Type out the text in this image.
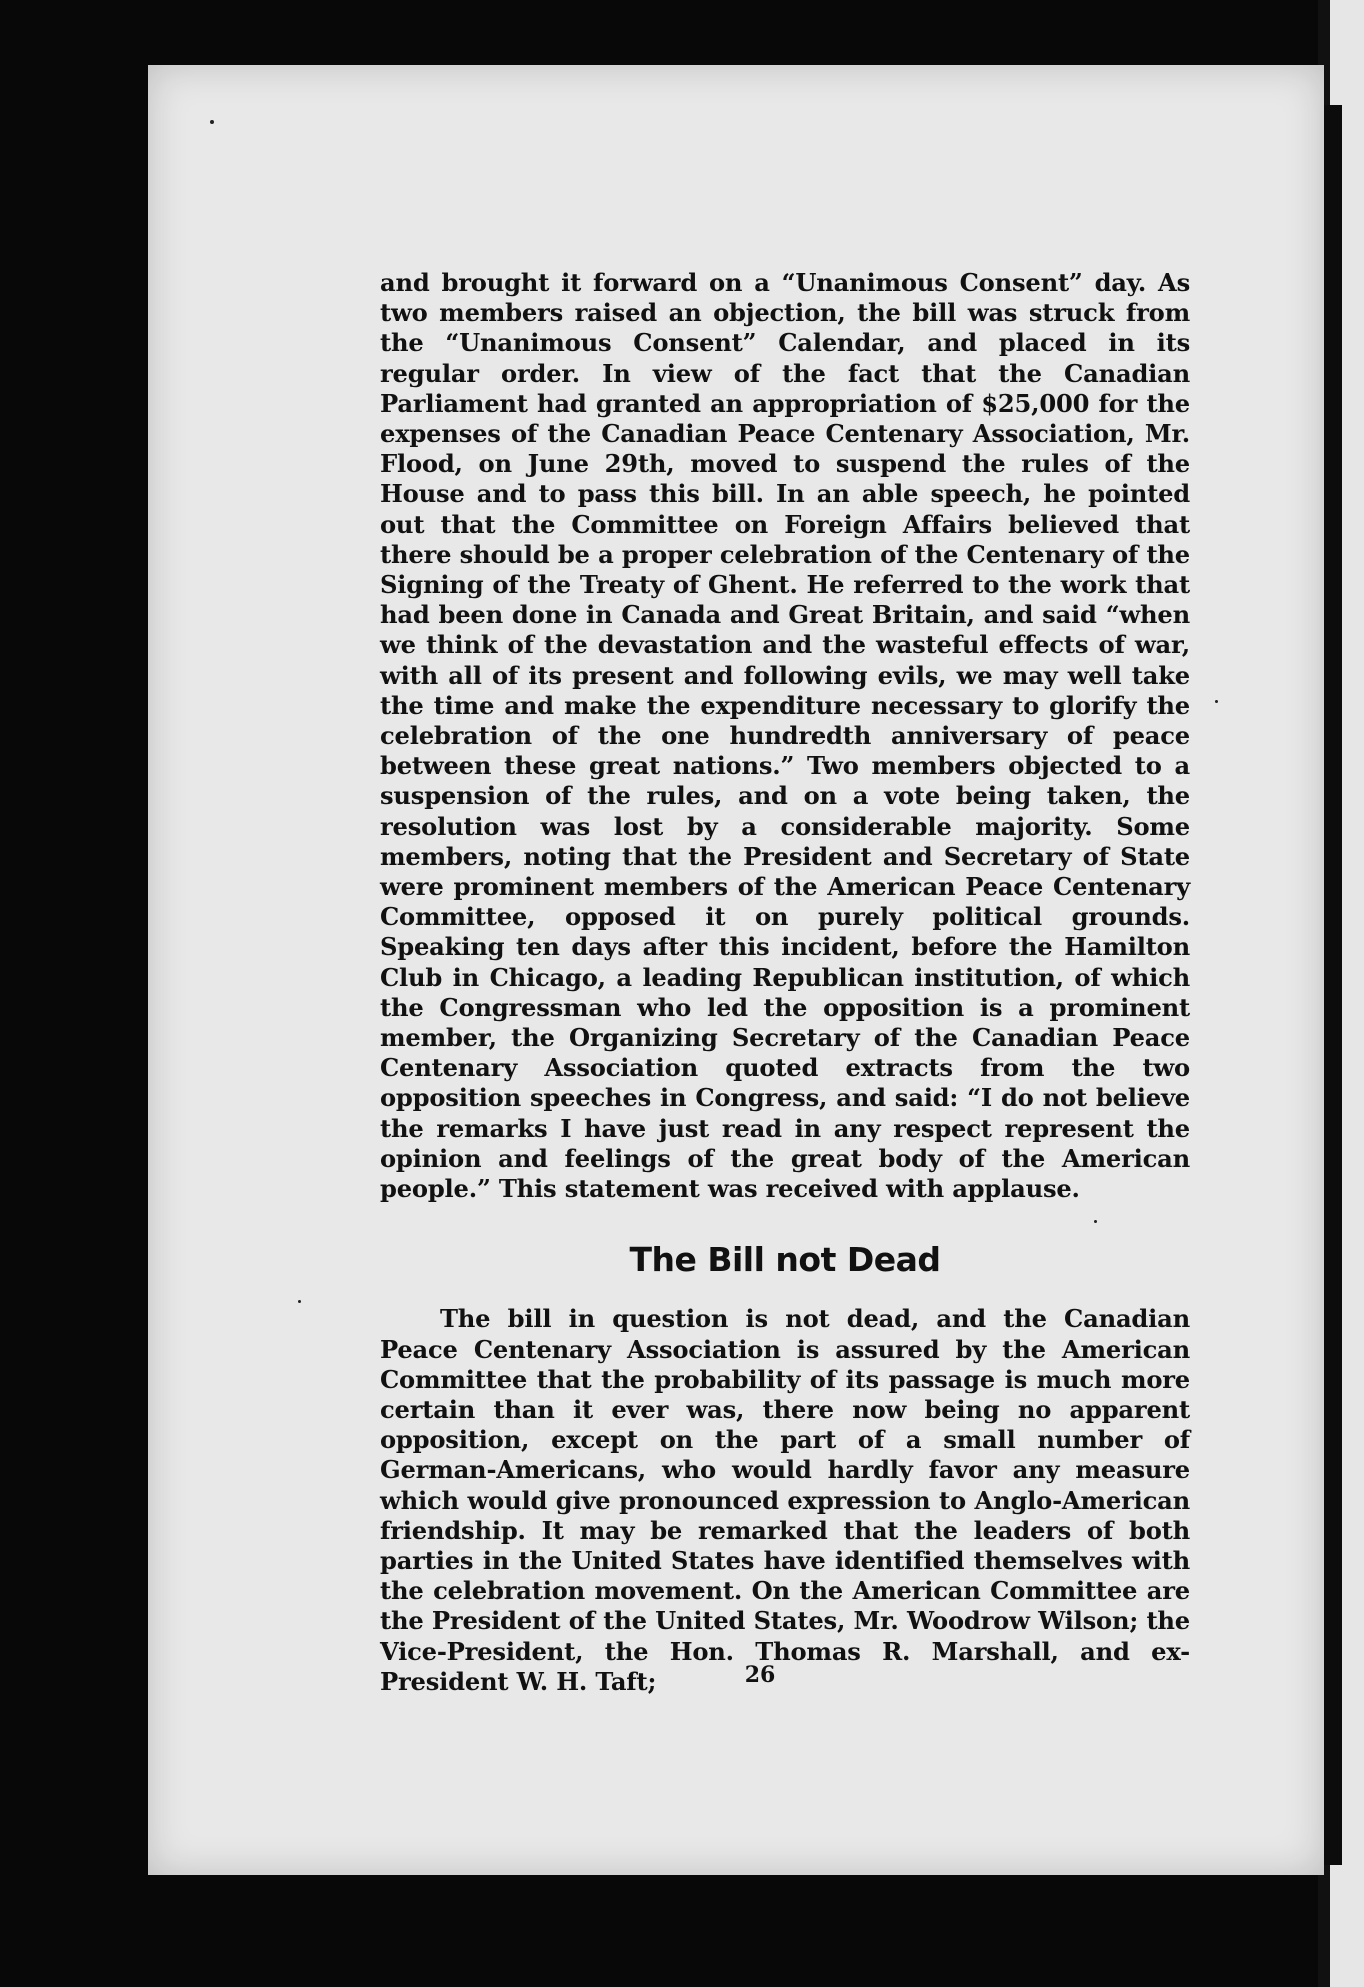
and brought it forward on a “Unanimous Consent” day. As two members raised an objection, the bill was struck from the “Unanimous Consent” Calendar, and placed in its regular order. In view of the fact that the Canadian Parliament had granted an appropriation of $25,000 for the expenses of the Canadian Peace Centenary Association, Mr. Flood, on June 29th, moved to suspend the rules of the House and to pass this bill. In an able speech, he pointed out that the Committee on Foreign Affairs believed that there should be a proper celebration of the Centenary of the Signing of the Treaty of Ghent. He referred to the work that had been done in Canada and Great Britain, and said “when we think of the devastation and the wasteful effects of war, with all of its present and following evils, we may well take the time and make the expenditure necessary to glorify the celebration of the one hundredth anniversary of peace between these great nations.” Two members objected to a suspension of the rules, and on a vote being taken, the resolution was lost by a considerable majority. Some members, noting that the President and Secretary of State were prominent members of the American Peace Centenary Committee, opposed it on purely political grounds. Speaking ten days after this incident, before the Hamilton Club in Chicago, a leading Republican institution, of which the Congressman who led the opposition is a prominent member, the Organizing Secretary of the Canadian Peace Centenary Association quoted extracts from the two opposition speeches in Congress, and said: “I do not believe the remarks I have just read in any respect represent the opinion and feelings of the great body of the American people.” This statement was received with applause.

The Bill not Dead

The bill in question is not dead, and the Canadian Peace Centenary Association is assured by the American Committee that the probability of its passage is much more certain than it ever was, there now being no apparent opposition, except on the part of a small number of German-Americans, who would hardly favor any measure which would give pronounced expression to Anglo-American friendship. It may be remarked that the leaders of both parties in the United States have identified themselves with the celebration movement. On the American Committee are the President of the United States, Mr. Woodrow Wilson; the Vice-President, the Hon. Thomas R. Marshall, and ex-President W. H. Taft;	26
